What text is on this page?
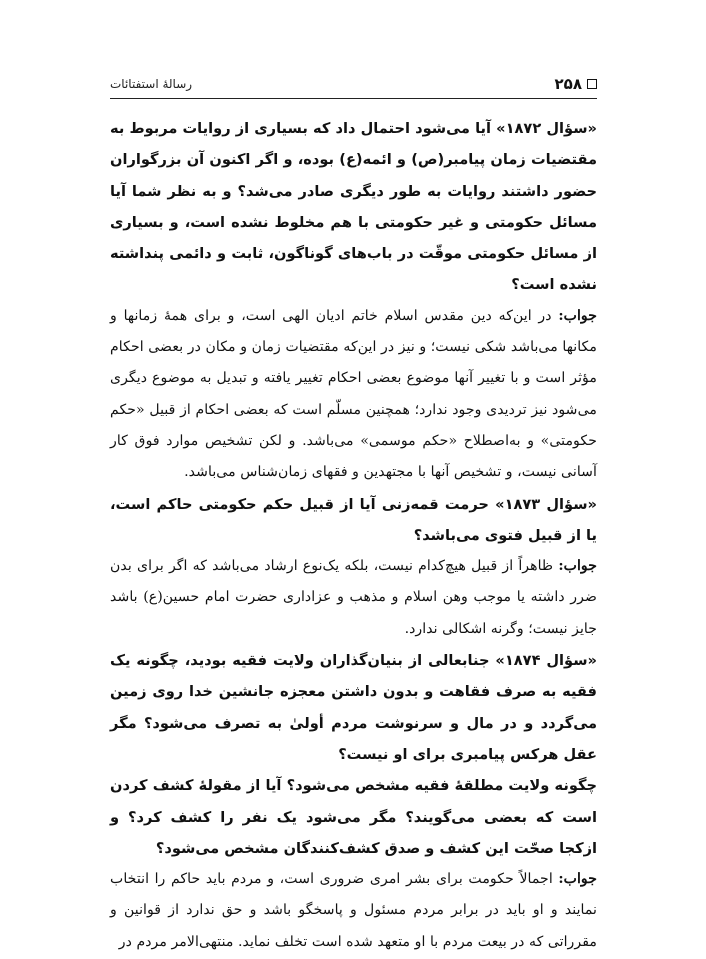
۲۵۸
رسالهٔ استفتائات

«سؤال ۱۸۷۲» آیا می‌شود احتمال داد که بسیاری از روایات مربوط به مقتضیات زمان پیامبر(ص) و ائمه(ع) بوده، و اگر اکنون آن بزرگواران حضور داشتند روایات به طور دیگری صادر می‌شد؟ و به نظر شما آیا مسائل حکومتی و غیر حکومتی با هم مخلوط نشده است، و بسیاری از مسائل حکومتی موقّت در باب‌های گوناگون، ثابت و دائمی پنداشته نشده است؟

جواب: در این‌که دین مقدس اسلام خاتم ادیان الهی است، و برای همهٔ زمانها و مکانها می‌باشد شکی نیست؛ و نیز در این‌که مقتضیات زمان و مکان در بعضی احکام مؤثر است و با تغییر آنها موضوع بعضی احکام تغییر یافته و تبدیل به موضوع دیگری می‌شود نیز تردیدی وجود ندارد؛ همچنین مسلّم است که بعضی احکام از قبیل «حکم حکومتی» و به‌اصطلاح «حکم موسمی» می‌باشد. و لکن تشخیص موارد فوق کار آسانی نیست، و تشخیص آنها با مجتهدین و فقهای زمان‌شناس می‌باشد.

«سؤال ۱۸۷۳» حرمت قمه‌زنی آیا از قبیل حکم حکومتی حاکم است، یا از قبیل فتوی می‌باشد؟

جواب: ظاهراً از قبیل هیچ‌کدام نیست، بلکه یک‌نوع ارشاد می‌باشد که اگر برای بدن ضرر داشته یا موجب وهن اسلام و مذهب و عزاداری حضرت امام حسین(ع) باشد جایز نیست؛ وگرنه اشکالی ندارد.

«سؤال ۱۸۷۴» جنابعالی از بنیان‌گذاران ولایت فقیه بودید، چگونه یک فقیه به صرف فقاهت و بدون داشتن معجزه جانشین خدا روی زمین می‌گردد و در مال و سرنوشت مردم أولیٰ به تصرف می‌شود؟ مگر عقل هرکس پیامبری برای او نیست؟

چگونه ولایت مطلقهٔ فقیه مشخص می‌شود؟ آیا از مقولهٔ کشف کردن است که بعضی می‌گویند؟ مگر می‌شود یک نفر را کشف کرد؟ و ازکجا صحّت این کشف و صدق کشف‌کنندگان مشخص می‌شود؟

جواب: اجمالاً حکومت برای بشر امری ضروری است، و مردم باید حاکم را انتخاب نمایند و او باید در برابر مردم مسئول و پاسخگو باشد و حق ندارد از قوانین و مقرراتی که در بیعت مردم با او متعهد شده است تخلف نماید. منتهی‌الامر مردم در
